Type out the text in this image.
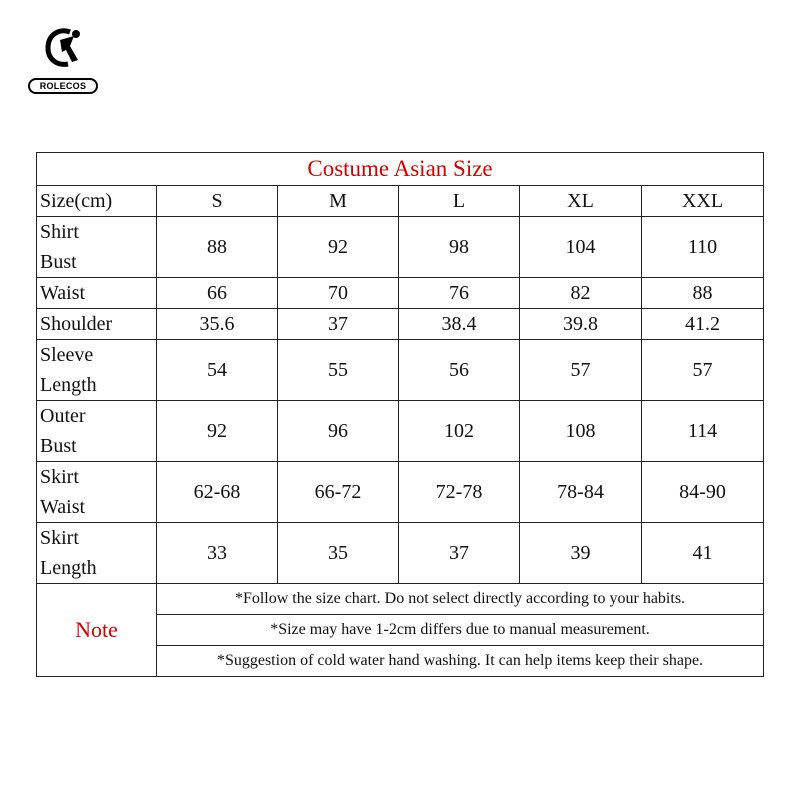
ROLECOS
Costume Asian Size					
Size(cm)	S	M	L	XL	XXL

Shirt
Bust	88	92	98	104	110

Waist	66	70	76	82	88

Shoulder	35.6	37	38.4	39.8	41.2

Sleeve
Length	54	55	56	57	57

Outer
Bust	92	96	102	108	114

Skirt
Waist	62-68	66-72	72-78	78-84	84-90

Skirt
Length	33	35	37	39	41
Note	*Follow the size chart. Do not select directly according to your habits.				
	*Size may have 1-2cm differs due to manual measurement.				
	*Suggestion of cold water hand washing. It can help items keep their shape.				
